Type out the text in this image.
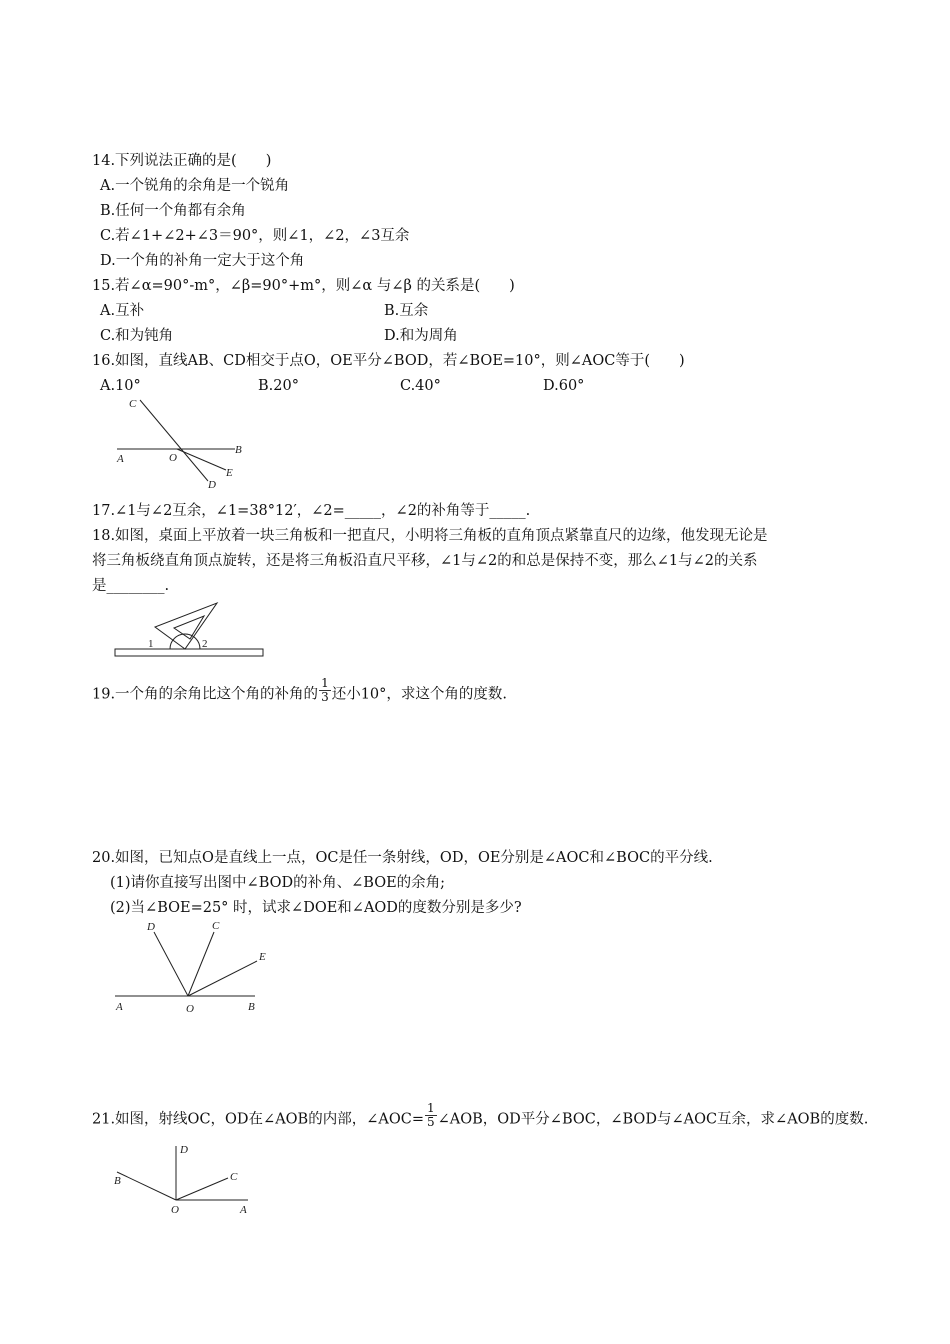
14.下列说法正确的是(　　)
A.一个锐角的余角是一个锐角
B.任何一个角都有余角
C.若∠1+∠2+∠3＝90°，则∠1，∠2，∠3互余
D.一个角的补角一定大于这个角
15.若∠α=90°-m°，∠β=90°+m°，则∠α 与∠β 的关系是(　　)
A.互补	B.互余
C.和为钝角	D.和为周角
16.如图，直线AB、CD相交于点O，OE平分∠BOD，若∠BOE=10°，则∠AOC等于(　　)
A.10°	B.20°	C.40°	D.60°
C
B
A	O
E
D
17.∠1与∠2互余，∠1=38°12′，∠2=_____，∠2的补角等于_____.
18.如图，桌面上平放着一块三角板和一把直尺，小明将三角板的直角顶点紧靠直尺的边缘，他发现无论是
将三角板绕直角顶点旋转，还是将三角板沿直尺平移，∠1与∠2的和总是保持不变，那么∠1与∠2的关系
是________.
1	2
19.一个角的余角比这个角的补角的 $\frac{1}{3}$ 还小10°，求这个角的度数.
20.如图，已知点O是直线上一点，OC是任一条射线，OD，OE分别是∠AOC和∠BOC的平分线.
(1)请你直接写出图中∠BOD的补角、∠BOE的余角;
(2)当∠BOE=25° 时，试求∠DOE和∠AOD的度数分别是多少?
D	C
E
A	O	B
21.如图，射线OC，OD在∠AOB的内部，∠AOC= $\frac{1}{5}$ ∠AOB，OD平分∠BOC，∠BOD与∠AOC互余，求∠AOB的度数.
D
B	C
O	A
